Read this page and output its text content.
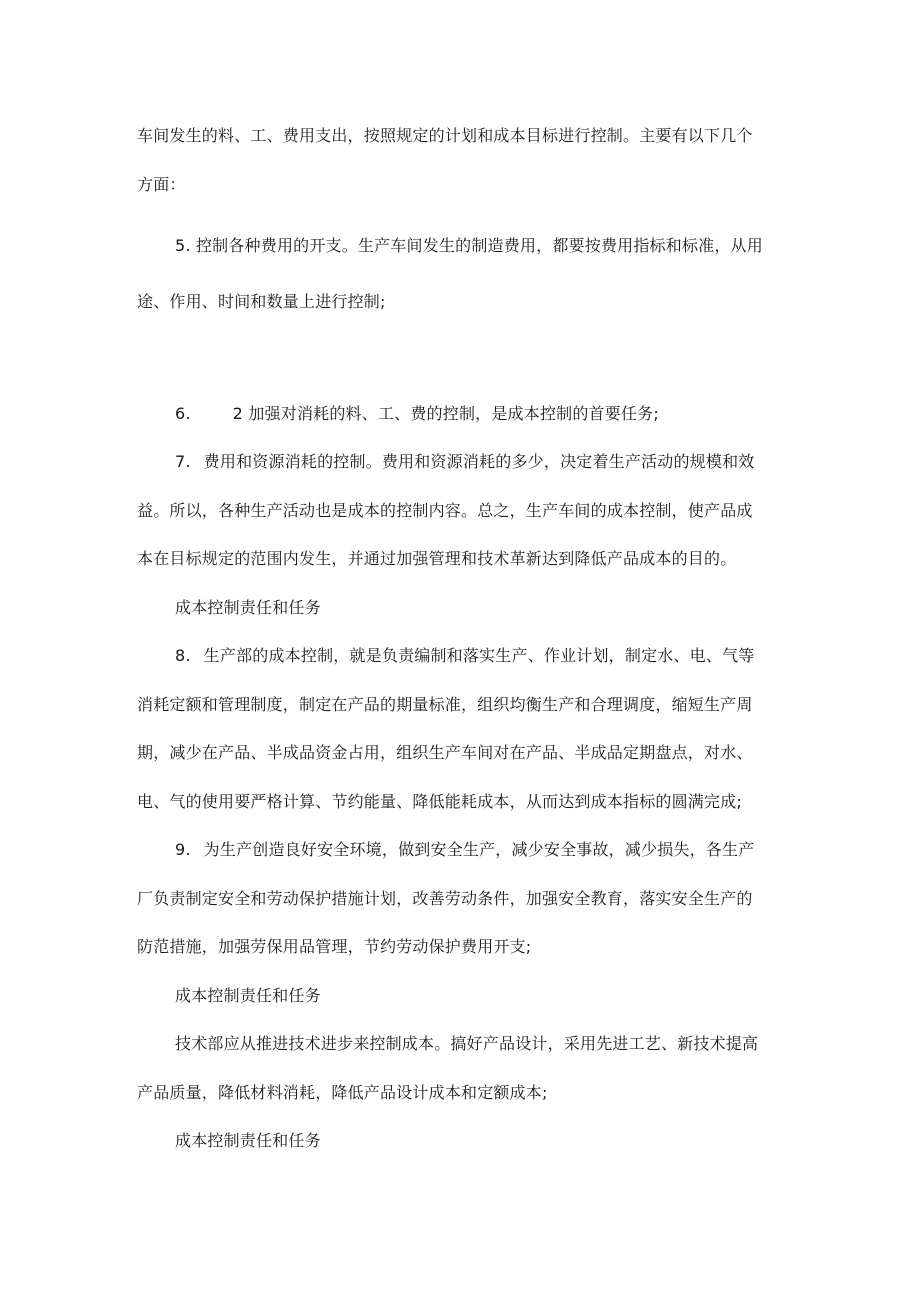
车间发生的料、工、费用支出，按照规定的计划和成本目标进行控制。主要有以下几个
方面：
5. 控制各种费用的开支。生产车间发生的制造费用，都要按费用指标和标准，从用
途、作用、时间和数量上进行控制;
6.	2 加强对消耗的料、工、费的控制，是成本控制的首要任务;
7. 费用和资源消耗的控制。费用和资源消耗的多少，决定着生产活动的规模和效
益。所以，各种生产活动也是成本的控制内容。总之，生产车间的成本控制，使产品成
本在目标规定的范围内发生，并通过加强管理和技术革新达到降低产品成本的目的。
成本控制责任和任务
8. 生产部的成本控制，就是负责编制和落实生产、作业计划，制定水、电、气等
消耗定额和管理制度，制定在产品的期量标准，组织均衡生产和合理调度，缩短生产周
期，减少在产品、半成品资金占用，组织生产车间对在产品、半成品定期盘点，对水、
电、气的使用要严格计算、节约能量、降低能耗成本，从而达到成本指标的圆满完成;
9. 为生产创造良好安全环境，做到安全生产，减少安全事故，减少损失，各生产
厂负责制定安全和劳动保护措施计划，改善劳动条件，加强安全教育，落实安全生产的
防范措施，加强劳保用品管理，节约劳动保护费用开支;
成本控制责任和任务
技术部应从推进技术进步来控制成本。搞好产品设计，采用先进工艺、新技术提高
产品质量，降低材料消耗，降低产品设计成本和定额成本;
成本控制责任和任务
